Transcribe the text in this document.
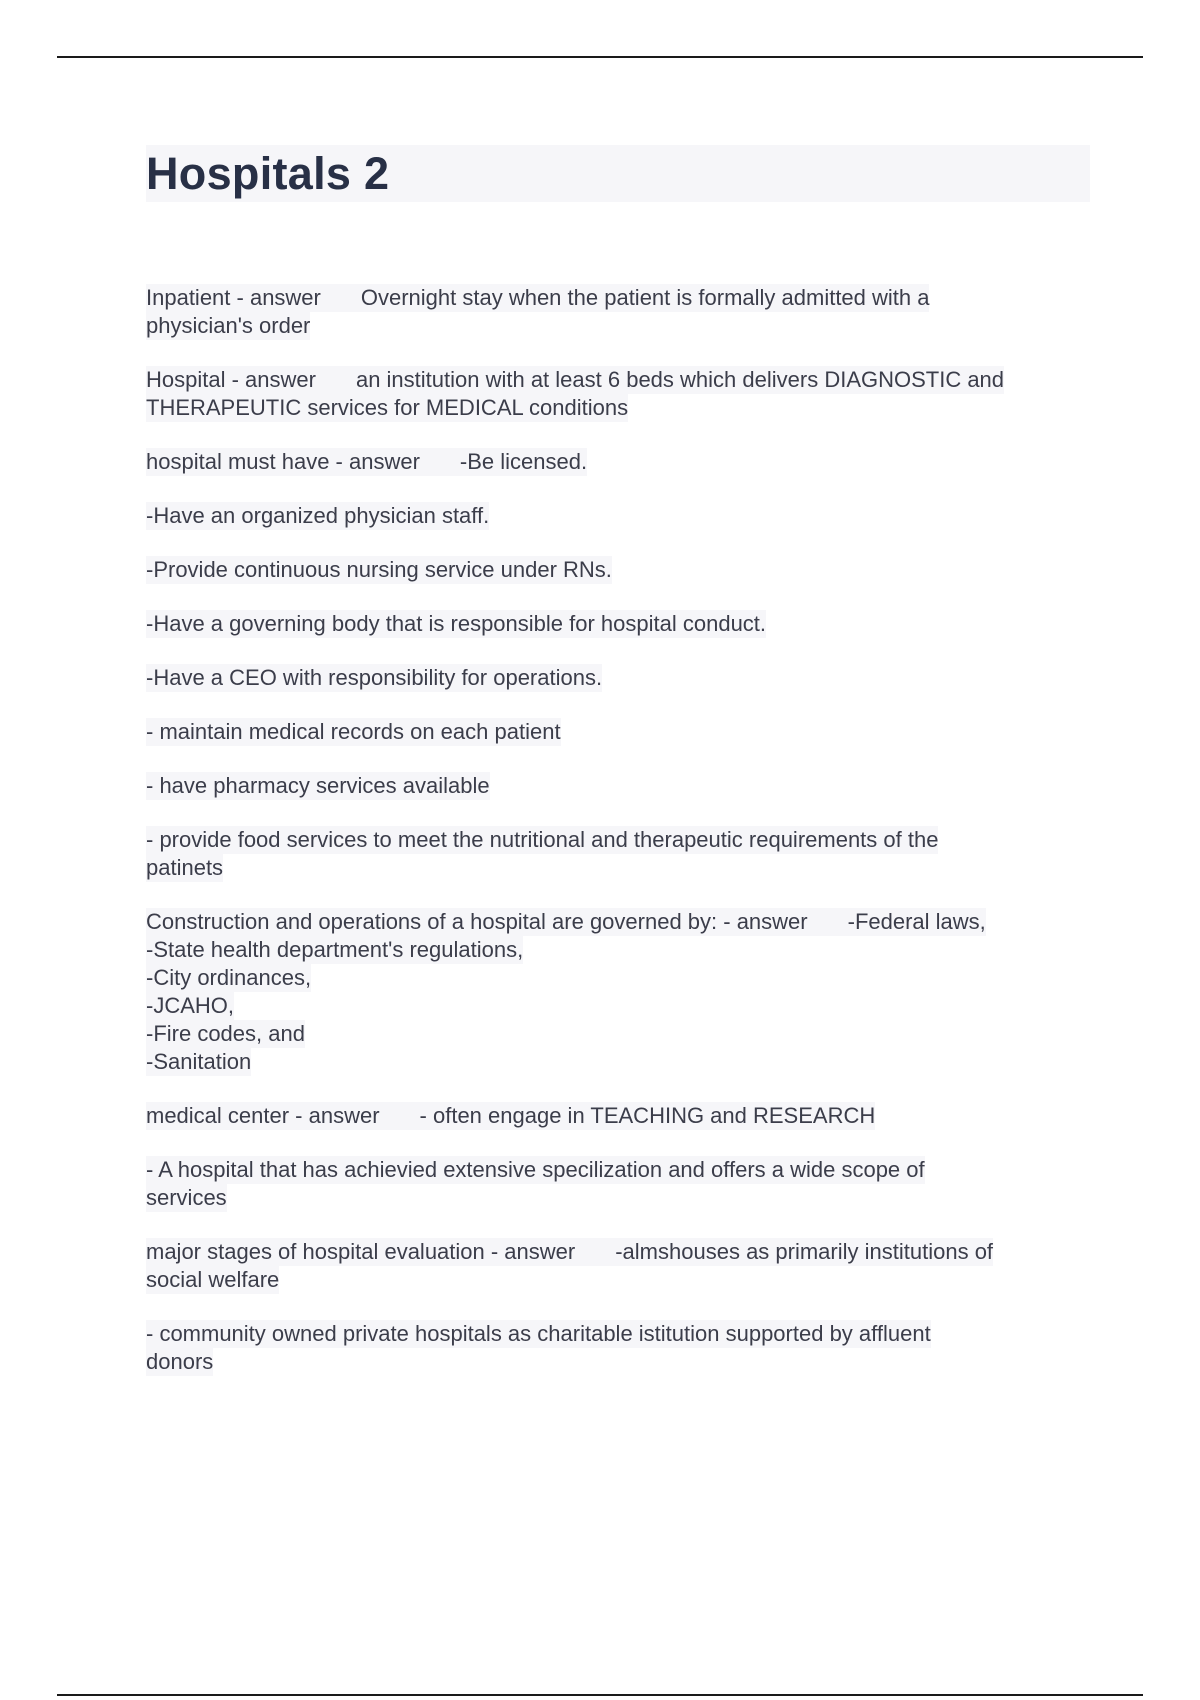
Hospitals 2
Inpatient - answer Overnight stay when the patient is formally admitted with a
physician's order
Hospital - answer an institution with at least 6 beds which delivers DIAGNOSTIC and
THERAPEUTIC services for MEDICAL conditions
hospital must have - answer -Be licensed.
-Have an organized physician staff.
-Provide continuous nursing service under RNs.
-Have a governing body that is responsible for hospital conduct.
-Have a CEO with responsibility for operations.
- maintain medical records on each patient
- have pharmacy services available
- provide food services to meet the nutritional and therapeutic requirements of the
patinets
Construction and operations of a hospital are governed by: - answer -Federal laws,
-State health department's regulations,
-City ordinances,
-JCAHO,
-Fire codes, and
-Sanitation
medical center - answer - often engage in TEACHING and RESEARCH
- A hospital that has achievied extensive specilization and offers a wide scope of
services
major stages of hospital evaluation - answer -almshouses as primarily institutions of
social welfare
- community owned private hospitals as charitable istitution supported by affluent
donors
